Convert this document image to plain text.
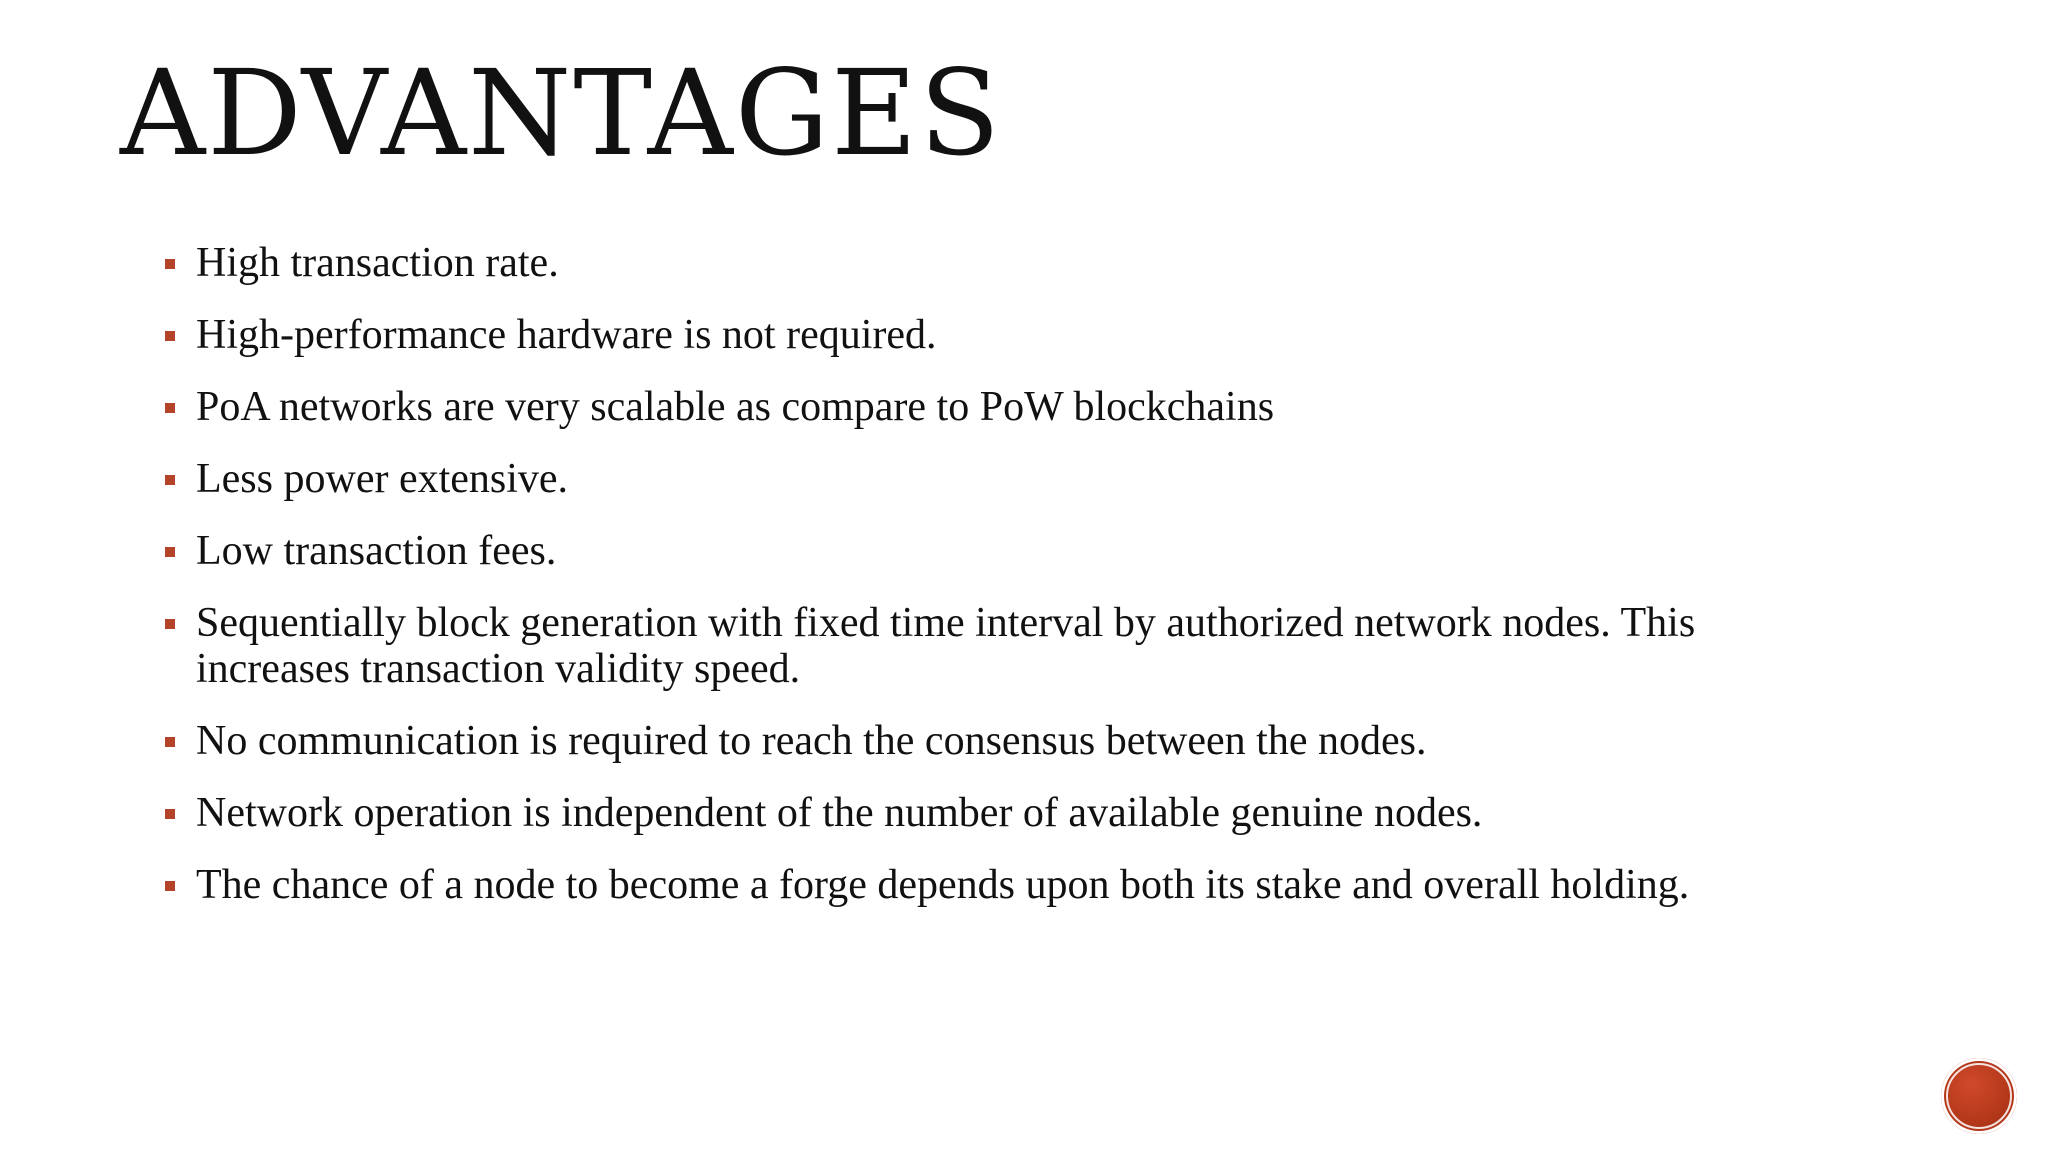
ADVANTAGES
High transaction rate.
High-performance hardware is not required.
PoA networks are very scalable as compare to PoW blockchains
Less power extensive.
Low transaction fees.
Sequentially block generation with fixed time interval by authorized network nodes. This increases transaction validity speed.
No communication is required to reach the consensus between the nodes.
Network operation is independent of the number of available genuine nodes.
The chance of a node to become a forge depends upon both its stake and overall holding.
